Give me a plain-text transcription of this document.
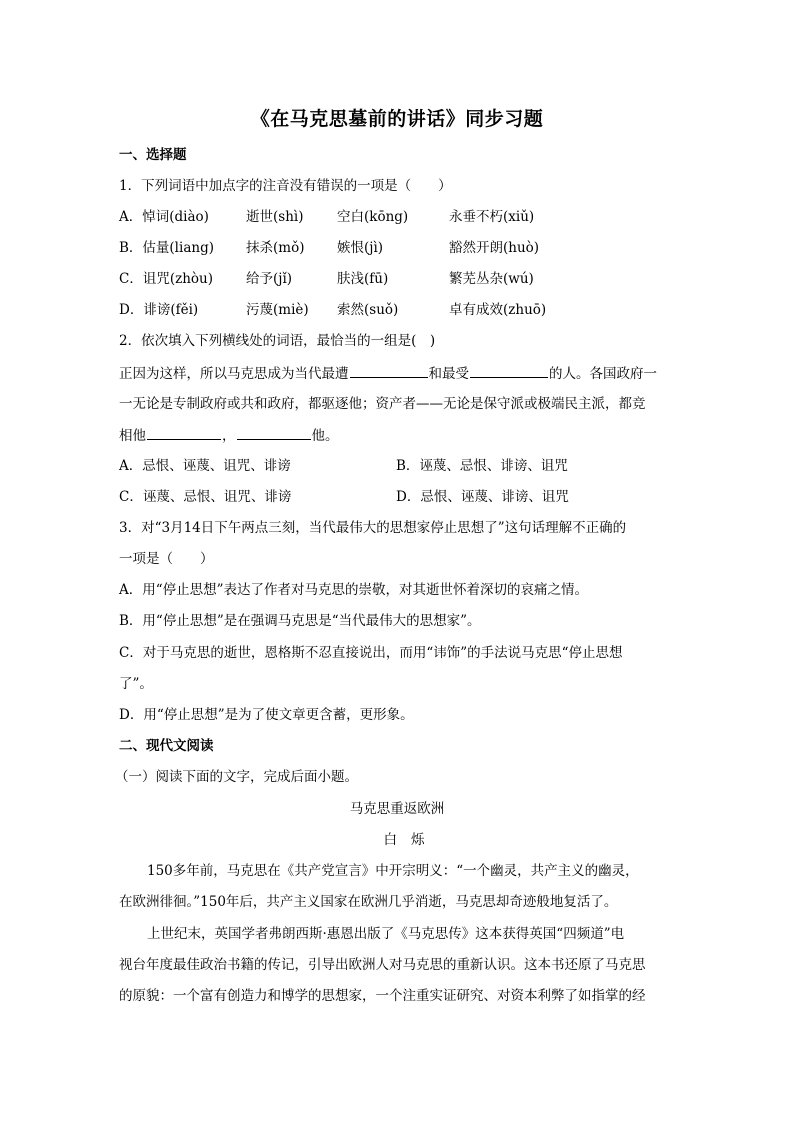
《在马克思墓前的讲话》同步习题
一、选择题
1．下列词语中加点字的注音没有错误的一项是（　　）
A．悼词(diào)	逝世(shì) 空白(kōng)	永垂不朽(xiǔ)
B．估量(liang) 抹杀(mǒ) 嫉恨(jì)	豁然开朗(huò)
C．诅咒(zhòu) 给予(jǐ)	肤浅(fū)	繁芜丛杂(wú)
D．诽谤(fěi)	污蔑(miè) 索然(suǒ)	卓有成效(zhuō)
2．依次填入下列横线处的词语，最恰当的一组是(　)
正因为这样，所以马克思成为当代最遭	和最受	的人。各国政府一
一无论是专制政府或共和政府，都驱逐他；资产者——无论是保守派或极端民主派，都竞
相他	，	他。
A．忌恨、诬蔑、诅咒、诽谤	B．诬蔑、忌恨、诽谤、诅咒
C．诬蔑、忌恨、诅咒、诽谤	D．忌恨、诬蔑、诽谤、诅咒
3．对“3月14日下午两点三刻，当代最伟大的思想家停止思想了”这句话理解不正确的
一项是（　　）
A．用“停止思想”表达了作者对马克思的崇敬，对其逝世怀着深切的哀痛之情。
B．用“停止思想”是在强调马克思是“当代最伟大的思想家”。
C．对于马克思的逝世，恩格斯不忍直接说出，而用“讳饰”的手法说马克思“停止思想
了”。
D．用“停止思想”是为了使文章更含蓄，更形象。
二、现代文阅读
（一）阅读下面的文字，完成后面小题。
马克思重返欧洲
白烁
150多年前，马克思在《共产党宣言》中开宗明义：“一个幽灵，共产主义的幽灵，
在欧洲徘徊。”150年后，共产主义国家在欧洲几乎消逝，马克思却奇迹般地复活了。
上世纪末，英国学者弗朗西斯·惠恩出版了《马克思传》这本获得英国“四频道”电
视台年度最佳政治书籍的传记，引导出欧洲人对马克思的重新认识。这本书还原了马克思
的原貌：一个富有创造力和博学的思想家，一个注重实证研究、对资本利弊了如指掌的经
